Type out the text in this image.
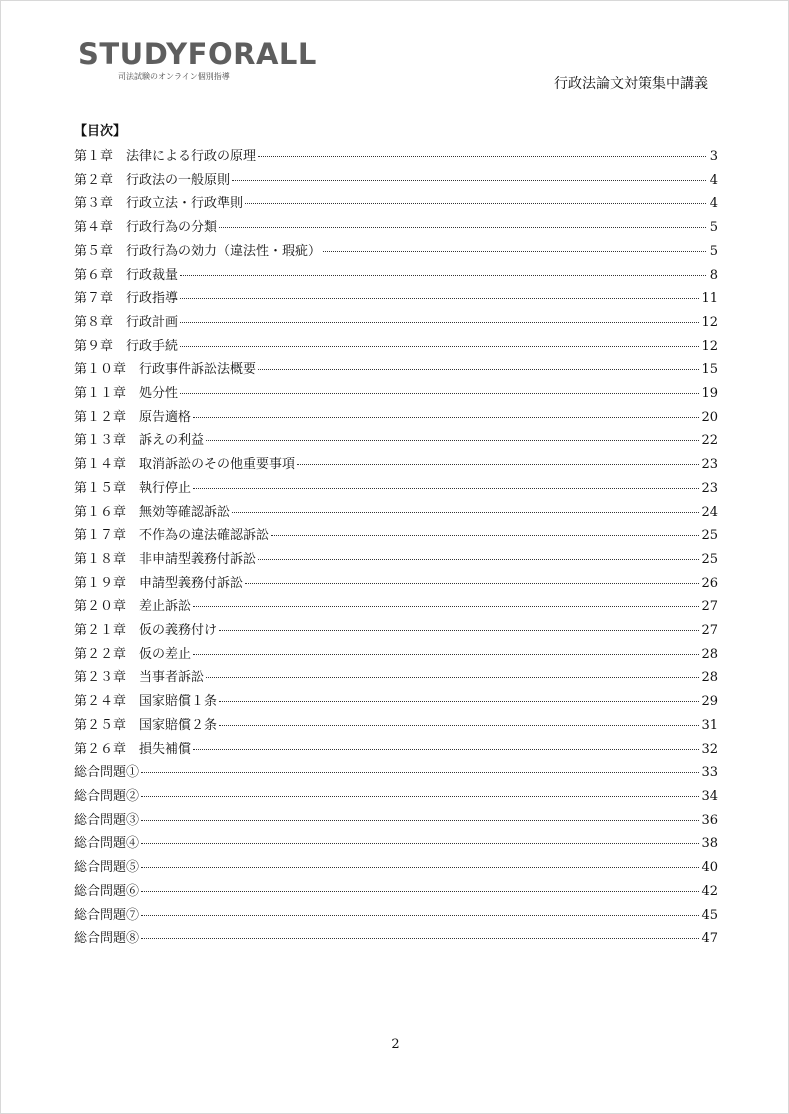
STUDYFORALL
司法試験のオンライン個別指導	行政法論文対策集中講義
【目次】
第１章　法律による行政の原理	3
第２章　行政法の一般原則	4
第３章　行政立法・行政準則	4
第４章　行政行為の分類	5
第５章　行政行為の効力（違法性・瑕疵）	5
第６章　行政裁量	8
第７章　行政指導	11
第８章　行政計画	12
第９章　行政手続	12
第１０章　行政事件訴訟法概要	15
第１１章　処分性	19
第１２章　原告適格	20
第１３章　訴えの利益	22
第１４章　取消訴訟のその他重要事項	23
第１５章　執行停止	23
第１６章　無効等確認訴訟	24
第１７章　不作為の違法確認訴訟	25
第１８章　非申請型義務付訴訟	25
第１９章　申請型義務付訴訟	26
第２０章　差止訴訟	27
第２１章　仮の義務付け	27
第２２章　仮の差止	28
第２３章　当事者訴訟	28
第２４章　国家賠償１条	29
第２５章　国家賠償２条	31
第２６章　損失補償	32
総合問題①	33
総合問題②	34
総合問題③	36
総合問題④	38
総合問題⑤	40
総合問題⑥	42
総合問題⑦	45
総合問題⑧	47
2
